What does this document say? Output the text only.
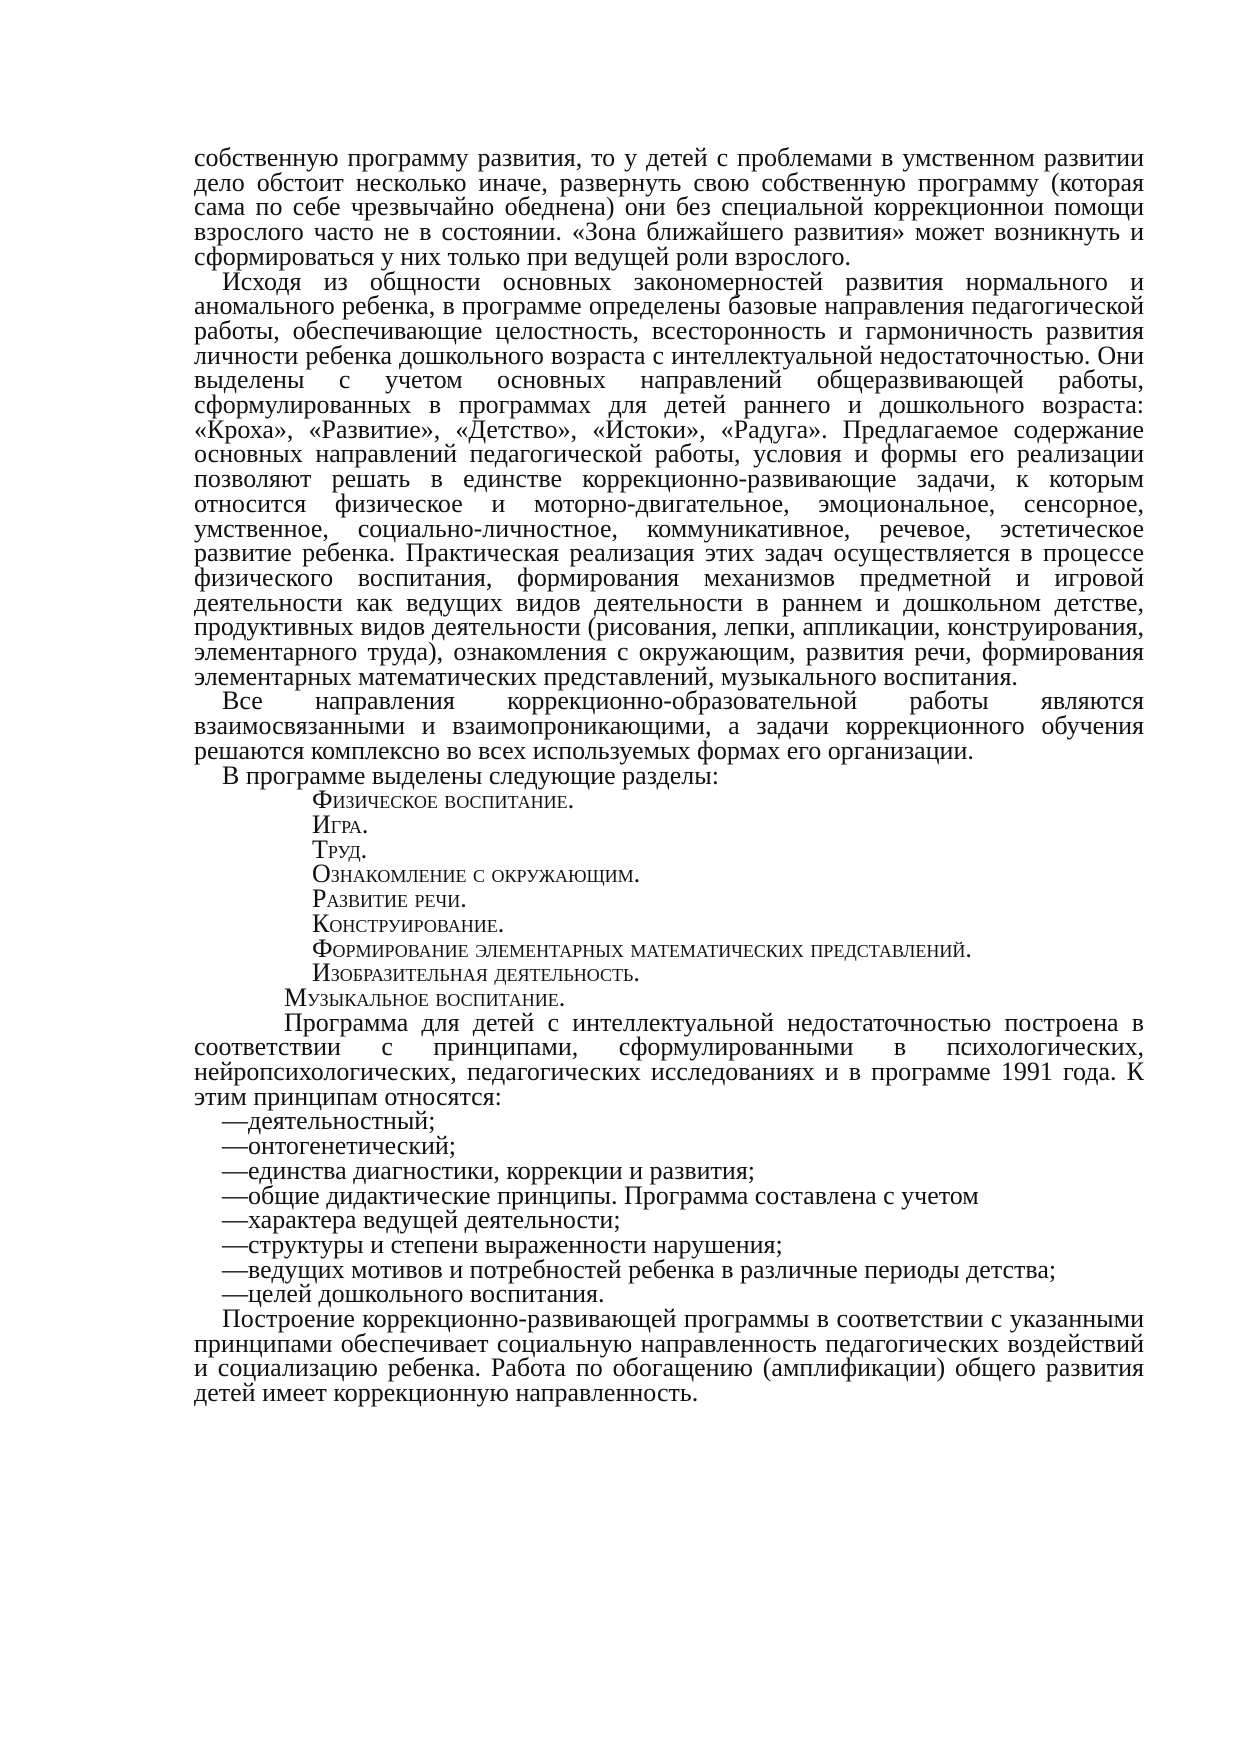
собственную программу развития, то у детей с проблемами в умственном развитии дело обстоит несколько иначе, развернуть свою собственную программу (которая сама по себе чрезвычайно обеднена) они без специальной коррекционнои помощи взрослого часто не в состоянии. «Зона ближайшего развития» может возникнуть и сформироваться у них только при ведущей роли взрослого.

Исходя из общности основных закономерностей развития нормального и аномального ребенка, в программе определены базовые направления педагогической работы, обеспечивающие целостность, всесторонность и гармоничность развития личности ребенка дошкольного возраста с интеллектуальной недостаточностью. Они выделены с учетом основных направлений общеразвивающей работы, сформулированных в программах для детей раннего и дошкольного возраста: «Кроха», «Развитие», «Детство», «Истоки», «Радуга». Предлагаемое содержание основных направлений педагогической работы, условия и формы его реализации позволяют решать в единстве коррекционно-развивающие задачи, к которым относится физическое и моторно-двигательное, эмоциональное, сенсорное, умственное, социально-личностное, коммуникативное, речевое, эстетическое развитие ребенка. Практическая реализация этих задач осуществляется в процессе физического воспитания, формирования механизмов предметной и игровой деятельности как ведущих видов деятельности в раннем и дошкольном детстве, продуктивных видов деятельности (рисования, лепки, аппликации, конструирования, элементарного труда), ознакомления с окружающим, развития речи, формирования элементарных математических представлений, музыкального воспитания.

Все направления коррекционно-образовательной работы являются взаимосвязанными и взаимопроникающими, а задачи коррекционного обучения решаются комплексно во всех используемых формах его организации.

В программе выделены следующие разделы:

Физическое воспитание.
Игра.
Труд.
Ознакомление с окружающим.
Развитие речи.
Конструирование.
Формирование элементарных математических представлений.
Изобразительная деятельность.
Музыкальное воспитание.

Программа для детей с интеллектуальной недостаточностью построена в соответствии с принципами, сформулированными в психологических, нейропсихологических, педагогических исследованиях и в программе 1991 года. К этим принципам относятся:

—деятельностный;
—онтогенетический;
—единства диагностики, коррекции и развития;
—общие дидактические принципы. Программа составлена с учетом
—характера ведущей деятельности;
—структуры и степени выраженности нарушения;
—ведущих мотивов и потребностей ребенка в различные периоды детства;
—целей дошкольного воспитания.

Построение коррекционно-развивающей программы в соответствии с указанными принципами обеспечивает социальную направленность педагогических воздействий и социализацию ребенка. Работа по обогащению (амплификации) общего развития детей имеет коррекционную направленность.
